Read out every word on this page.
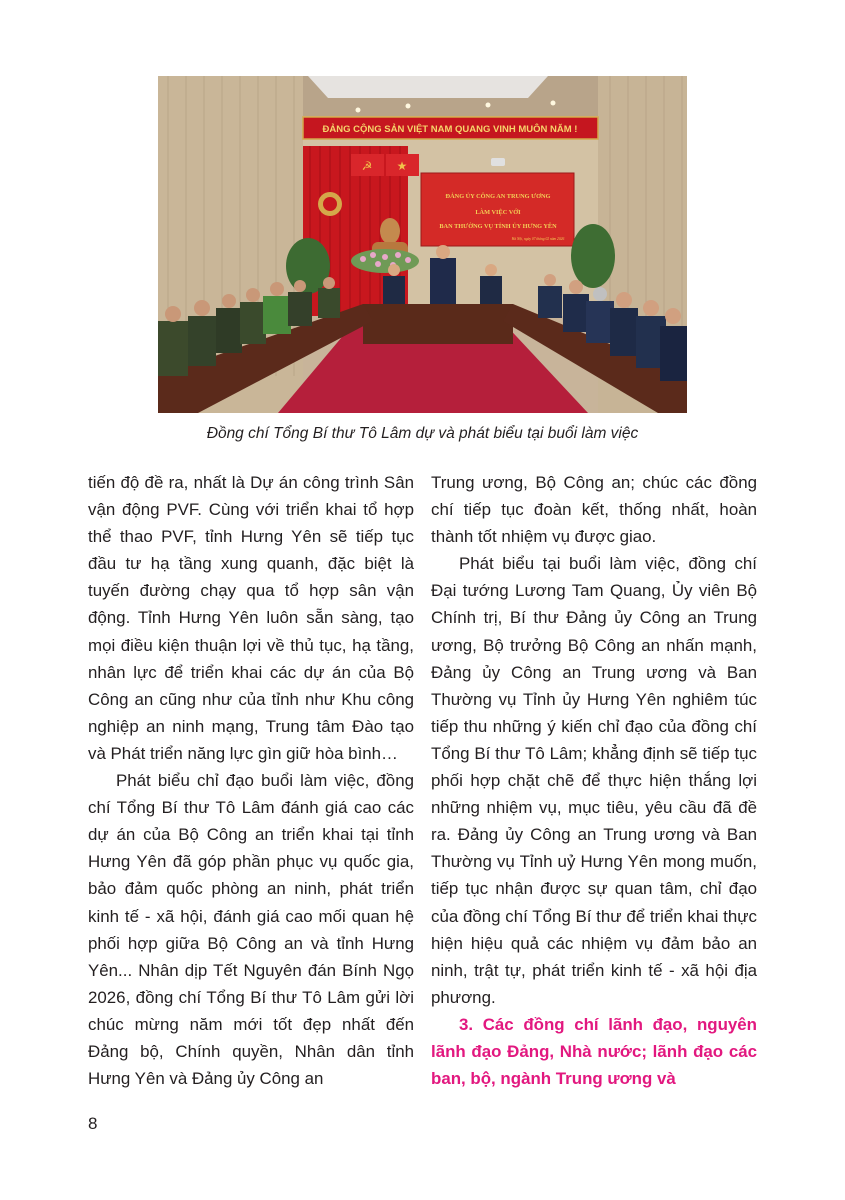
ĐẢNG CỘNG SẢN VIỆT NAM QUANG VINH MUÔN NĂM !
☭ ★
ĐẢNG ỦY CÔNG AN TRUNG ƯƠNG
LÀM VIỆC VỚI
BAN THƯỜNG VỤ TỈNH ỦY HƯNG YÊN
Hà Nội, ngày 07 tháng 02 năm 2026
Đồng chí Tổng Bí thư Tô Lâm dự và phát biểu tại buổi làm việc

tiến độ đề ra, nhất là Dự án công trình Sân vận động PVF. Cùng với triển khai tổ hợp thể thao PVF, tỉnh Hưng Yên sẽ tiếp tục đầu tư hạ tầng xung quanh, đặc biệt là tuyến đường chạy qua tổ hợp sân vận động. Tỉnh Hưng Yên luôn sẵn sàng, tạo mọi điều kiện thuận lợi về thủ tục, hạ tầng, nhân lực để triển khai các dự án của Bộ Công an cũng như của tỉnh như Khu công nghiệp an ninh mạng, Trung tâm Đào tạo và Phát triển năng lực gìn giữ hòa bình…

Phát biểu chỉ đạo buổi làm việc, đồng chí Tổng Bí thư Tô Lâm đánh giá cao các dự án của Bộ Công an triển khai tại tỉnh Hưng Yên đã góp phần phục vụ quốc gia, bảo đảm quốc phòng an ninh, phát triển kinh tế - xã hội, đánh giá cao mối quan hệ phối hợp giữa Bộ Công an và tỉnh Hưng Yên... Nhân dịp Tết Nguyên đán Bính Ngọ 2026, đồng chí Tổng Bí thư Tô Lâm gửi lời chúc mừng năm mới tốt đẹp nhất đến Đảng bộ, Chính quyền, Nhân dân tỉnh Hưng Yên và Đảng ủy Công an

Trung ương, Bộ Công an; chúc các đồng chí tiếp tục đoàn kết, thống nhất, hoàn thành tốt nhiệm vụ được giao.

Phát biểu tại buổi làm việc, đồng chí Đại tướng Lương Tam Quang, Ủy viên Bộ Chính trị, Bí thư Đảng ủy Công an Trung ương, Bộ trưởng Bộ Công an nhấn mạnh, Đảng ủy Công an Trung ương và Ban Thường vụ Tỉnh ủy Hưng Yên nghiêm túc tiếp thu những ý kiến chỉ đạo của đồng chí Tổng Bí thư Tô Lâm; khẳng định sẽ tiếp tục phối hợp chặt chẽ để thực hiện thắng lợi những nhiệm vụ, mục tiêu, yêu cầu đã đề ra. Đảng ủy Công an Trung ương và Ban Thường vụ Tỉnh uỷ Hưng Yên mong muốn, tiếp tục nhận được sự quan tâm, chỉ đạo của đồng chí Tổng Bí thư để triển khai thực hiện hiệu quả các nhiệm vụ đảm bảo an ninh, trật tự, phát triển kinh tế - xã hội địa phương.

3. Các đồng chí lãnh đạo, nguyên lãnh đạo Đảng, Nhà nước; lãnh đạo các ban, bộ, ngành Trung ương và

8
